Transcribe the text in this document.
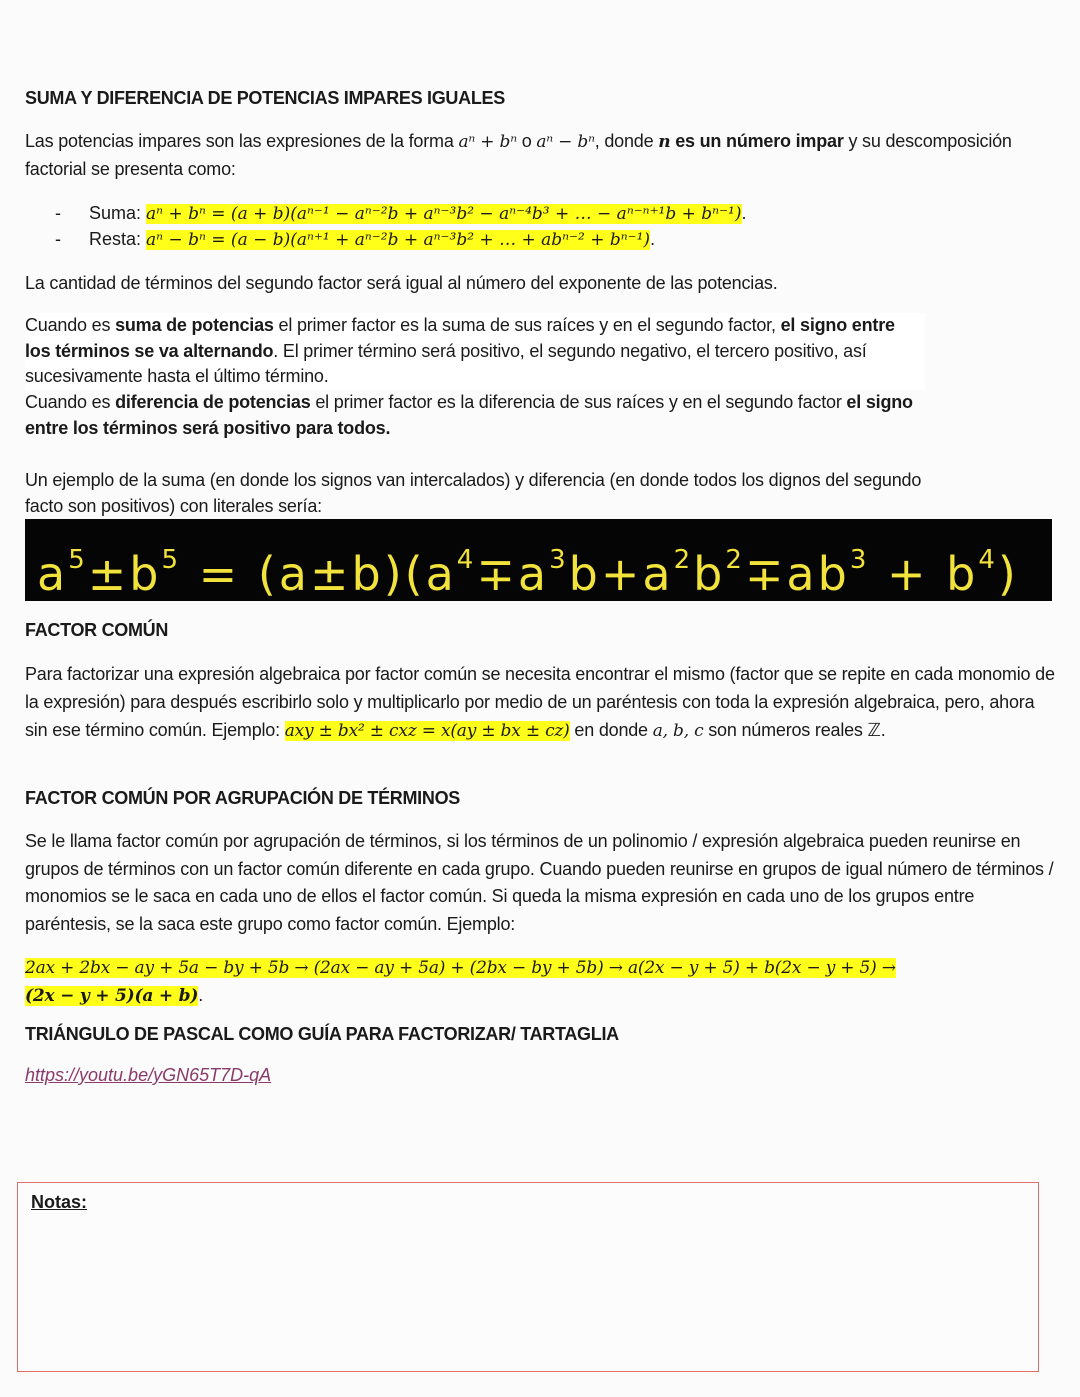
SUMA Y DIFERENCIA DE POTENCIAS IMPARES IGUALES
Las potencias impares son las expresiones de la forma aⁿ + bⁿ o aⁿ − bⁿ, donde n es un número impar y su descomposición factorial se presenta como:
- Suma: aⁿ + bⁿ = (a + b)(aⁿ⁻¹ − aⁿ⁻²b + aⁿ⁻³b² − aⁿ⁻⁴b³ + … − aⁿ⁻ⁿ⁺¹b + bⁿ⁻¹).
- Resta: aⁿ − bⁿ = (a − b)(aⁿ⁺¹ + aⁿ⁻²b + aⁿ⁻³b² + … + abⁿ⁻² + bⁿ⁻¹).
La cantidad de términos del segundo factor será igual al número del exponente de las potencias.
Cuando es suma de potencias el primer factor es la suma de sus raíces y en el segundo factor, el signo entre los términos se va alternando. El primer término será positivo, el segundo negativo, el tercero positivo, así sucesivamente hasta el último término.
Cuando es diferencia de potencias el primer factor es la diferencia de sus raíces y en el segundo factor el signo entre los términos será positivo para todos.
Un ejemplo de la suma (en donde los signos van intercalados) y diferencia (en donde todos los dignos del segundo facto son positivos) con literales sería:
$a^5\pm b^5 = (a\pm b)(a^4\mp a^3b+a^2b^2\mp ab^3 + b^4)$
FACTOR COMÚN
Para factorizar una expresión algebraica por factor común se necesita encontrar el mismo (factor que se repite en cada monomio de la expresión) para después escribirlo solo y multiplicarlo por medio de un paréntesis con toda la expresión algebraica, pero, ahora sin ese término común. Ejemplo: axy ± bx² ± cxz = x(ay ± bx ± cz) en donde a, b, c son números reales ℤ.
FACTOR COMÚN POR AGRUPACIÓN DE TÉRMINOS
Se le llama factor común por agrupación de términos, si los términos de un polinomio / expresión algebraica pueden reunirse en grupos de términos con un factor común diferente en cada grupo. Cuando pueden reunirse en grupos de igual número de términos / monomios se le saca en cada uno de ellos el factor común. Si queda la misma expresión en cada uno de los grupos entre paréntesis, se la saca este grupo como factor común. Ejemplo:
2ax + 2bx − ay + 5a − by + 5b → (2ax − ay + 5a) + (2bx − by + 5b) → a(2x − y + 5) + b(2x − y + 5) →
(2x − y + 5)(a + b).
TRIÁNGULO DE PASCAL COMO GUÍA PARA FACTORIZAR/ TARTAGLIA
https://youtu.be/yGN65T7D-qA
Notas:
